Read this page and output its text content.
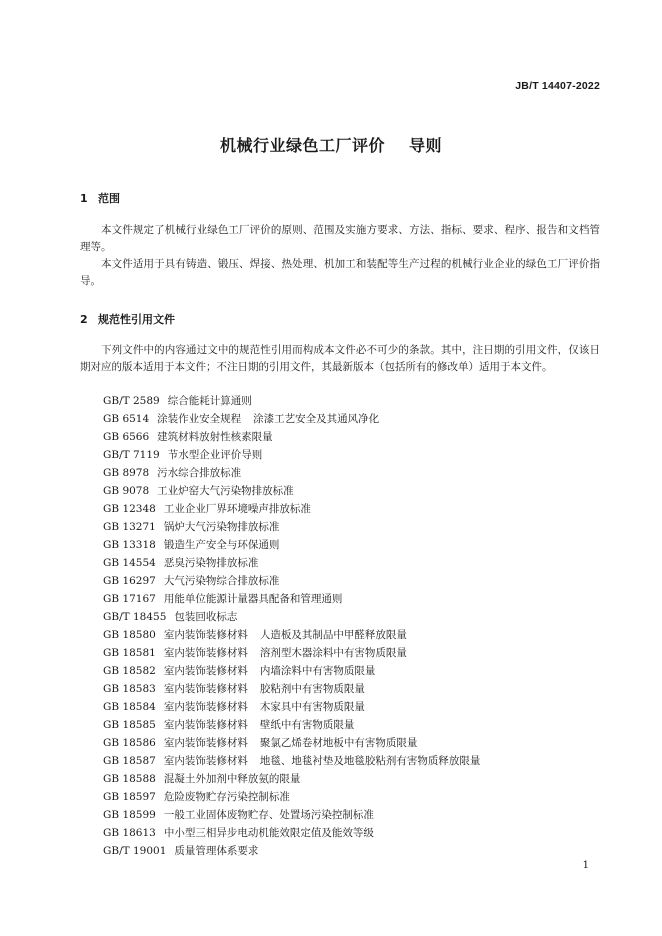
JB/T 14407-2022
机械行业绿色工厂评价 导则
1 范围

本文件规定了机械行业绿色工厂评价的原则、范围及实施方要求、方法、指标、要求、程序、报告和文档管理等。

本文件适用于具有铸造、锻压、焊接、热处理、机加工和装配等生产过程的机械行业企业的绿色工厂评价指导。

2 规范性引用文件

下列文件中的内容通过文中的规范性引用而构成本文件必不可少的条款。其中，注日期的引用文件，仅该日期对应的版本适用于本文件；不注日期的引用文件，其最新版本（包括所有的修改单）适用于本文件。

GB/T 2589 综合能耗计算通则
GB 6514 涂装作业安全规程 涂漆工艺安全及其通风净化
GB 6566 建筑材料放射性核素限量
GB/T 7119 节水型企业评价导则
GB 8978 污水综合排放标准
GB 9078 工业炉窑大气污染物排放标准
GB 12348 工业企业厂界环境噪声排放标准
GB 13271 锅炉大气污染物排放标准
GB 13318 锻造生产安全与环保通则
GB 14554 恶臭污染物排放标准
GB 16297 大气污染物综合排放标准
GB 17167 用能单位能源计量器具配备和管理通则
GB/T 18455 包装回收标志
GB 18580 室内装饰装修材料 人造板及其制品中甲醛释放限量
GB 18581 室内装饰装修材料 溶剂型木器涂料中有害物质限量
GB 18582 室内装饰装修材料 内墙涂料中有害物质限量
GB 18583 室内装饰装修材料 胶粘剂中有害物质限量
GB 18584 室内装饰装修材料 木家具中有害物质限量
GB 18585 室内装饰装修材料 壁纸中有害物质限量
GB 18586 室内装饰装修材料 聚氯乙烯卷材地板中有害物质限量
GB 18587 室内装饰装修材料 地毯、地毯衬垫及地毯胶粘剂有害物质释放限量
GB 18588 混凝土外加剂中释放氨的限量
GB 18597 危险废物贮存污染控制标准
GB 18599 一般工业固体废物贮存、处置场污染控制标准
GB 18613 中小型三相异步电动机能效限定值及能效等级
GB/T 19001 质量管理体系要求
1
